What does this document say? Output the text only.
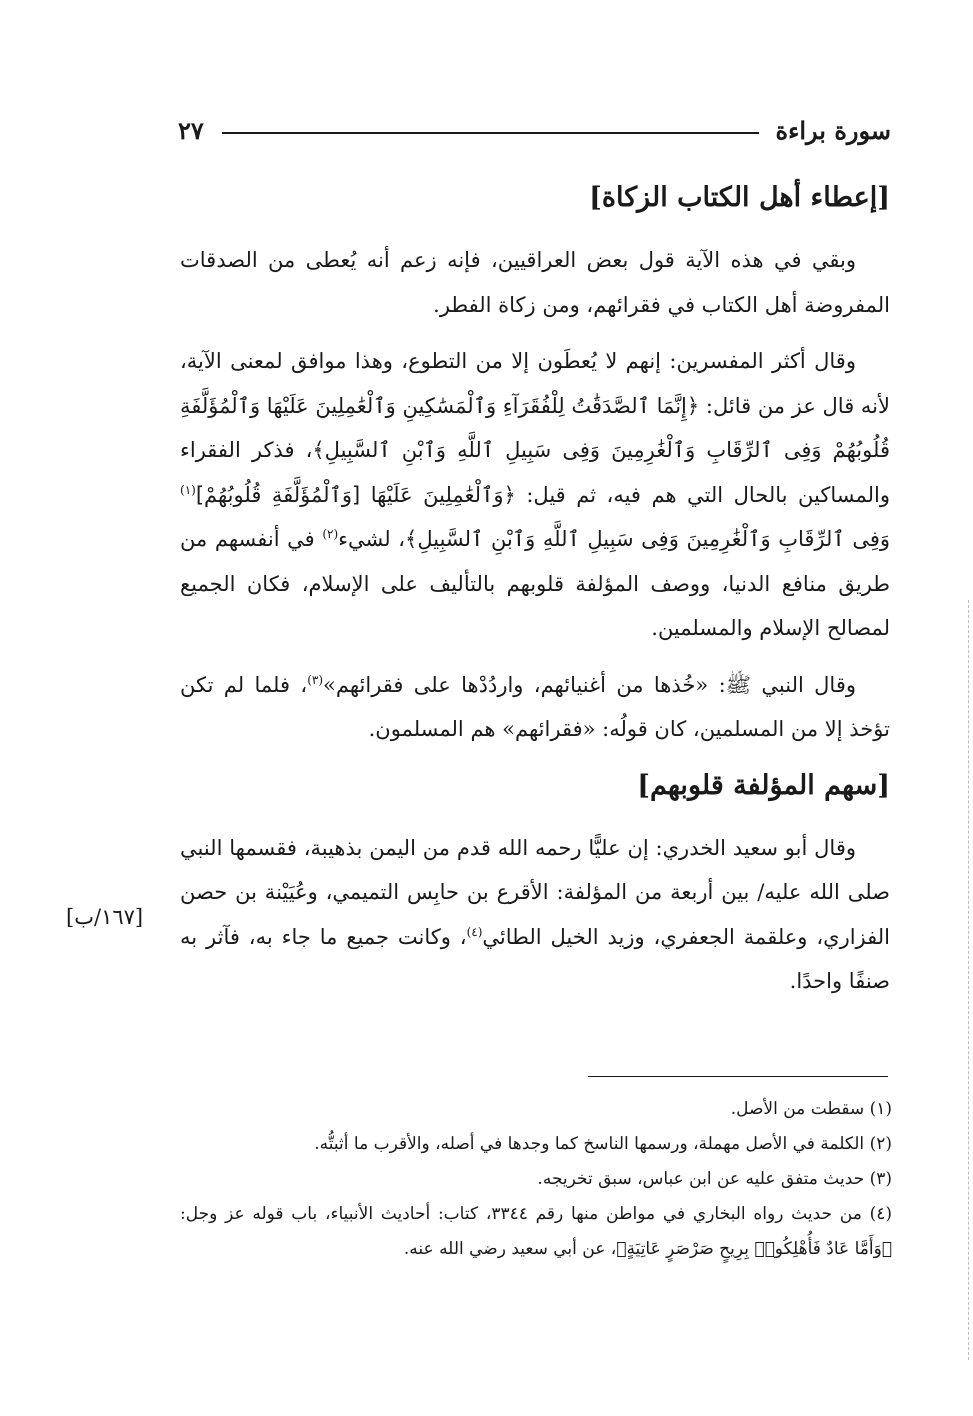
سورة براءة
٢٧
[إعطاء أهل الكتاب الزكاة]

وبقي في هذه الآية قول بعض العراقيين، فإنه زعم أنه يُعطى من الصدقات المفروضة أهل الكتاب في فقرائهم، ومن زكاة الفطر.

وقال أكثر المفسرين: إنهم لا يُعطَون إلا من التطوع، وهذا موافق لمعنى الآية، لأنه قال عز من قائل: ﴿إِنَّمَا ٱلصَّدَقَٰتُ لِلْفُقَرَآءِ وَٱلْمَسَٰكِينِ وَٱلْعَٰمِلِينَ عَلَيْهَا وَٱلْمُؤَلَّفَةِ قُلُوبُهُمْ وَفِى ٱلرِّقَابِ وَٱلْغَٰرِمِينَ وَفِى سَبِيلِ ٱللَّهِ وَٱبْنِ ٱلسَّبِيلِ﴾، فذكر الفقراء والمساكين بالحال التي هم فيه، ثم قيل: ﴿وَٱلْعَٰمِلِينَ عَلَيْهَا [وَٱلْمُؤَلَّفَةِ قُلُوبُهُمْ]$^{(١)}$ وَفِى ٱلرِّقَابِ وَٱلْغَٰرِمِينَ وَفِى سَبِيلِ ٱللَّهِ وَٱبْنِ ٱلسَّبِيلِ﴾، لشيء$^{(٢)}$ في أنفسهم من طريق منافع الدنيا، ووصف المؤلفة قلوبهم بالتأليف على الإسلام، فكان الجميع لمصالح الإسلام والمسلمين.

وقال النبي ﷺ: «خُذها من أغنيائهم، واردُدْها على فقرائهم»$^{(٣)}$، فلما لم تكن تؤخذ إلا من المسلمين، كان قولُه: «فقرائهم» هم المسلمون.

[سهم المؤلفة قلوبهم]

وقال أبو سعيد الخدري: إن عليًّا رحمه الله قدم من اليمن بذهيبة، فقسمها النبي صلى الله عليه/ بين أربعة من المؤلفة: الأقرع بن حابِس التميمي، وعُيَيْنة بن حصن الفزاري، وعلقمة الجعفري، وزيد الخيل الطائي$^{(٤)}$، وكانت جميع ما جاء به، فآثر به صنفًا واحدًا.

[١٦٧/ب]

(١) سقطت من الأصل.

(٢) الكلمة في الأصل مهملة، ورسمها الناسخ كما وجدها في أصله، والأقرب ما أثبتُّه.

(٣) حديث متفق عليه عن ابن عباس، سبق تخريجه.

(٤) من حديث رواه البخاري في مواطن منها رقم ٣٣٤٤، كتاب: أحاديث الأنبياء، باب قوله عز وجل: ﴿وَأَمَّا عَادٌ فَأُهْلِكُوا۟ بِرِيحٍ صَرْصَرٍ عَاتِيَةٍ﴾، عن أبي سعيد رضي الله عنه.
